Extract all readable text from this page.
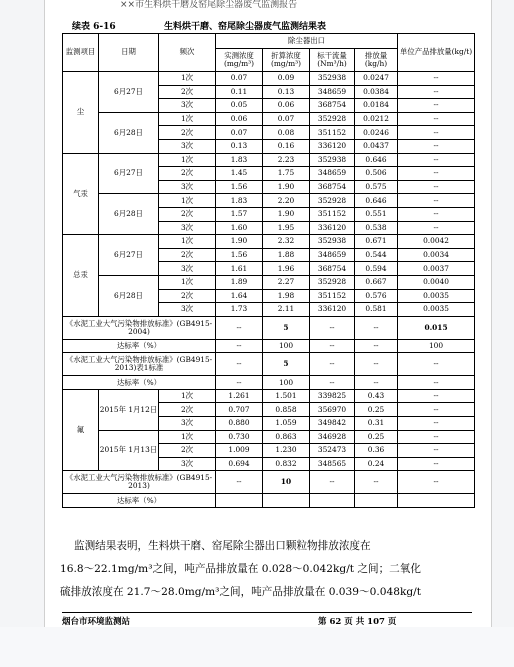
××市生料烘干磨及窑尾除尘器废气监测报告
续表 6-16	生料烘干磨、窑尾除尘器废气监测结果表
监测项目	日期	频次	除尘器出口				单位产品排放量(kg/t)
			实测浓度(mg/m³)	折算浓度(mg/m³)	标干流量(Nm³/h)	排放量(kg/h)	
尘	6月27日	1次	0.07	0.09	352938	0.0247	--
		2次	0.11	0.13	348659	0.0384	--
		3次	0.05	0.06	368754	0.0184	--
	6月28日	1次	0.06	0.07	352928	0.0212	--
		2次	0.07	0.08	351152	0.0246	--
		3次	0.13	0.16	336120	0.0437	--
气汞	6月27日	1次	1.83	2.23	352938	0.646	--
		2次	1.45	1.75	348659	0.506	--
		3次	1.56	1.90	368754	0.575	--
	6月28日	1次	1.83	2.20	352928	0.646	--
		2次	1.57	1.90	351152	0.551	--
		3次	1.60	1.95	336120	0.538	--
总汞	6月27日	1次	1.90	2.32	352938	0.671	0.0042
		2次	1.56	1.88	348659	0.544	0.0034
		3次	1.61	1.96	368754	0.594	0.0037
	6月28日	1次	1.89	2.27	352928	0.667	0.0040
		2次	1.64	1.98	351152	0.576	0.0035
		3次	1.73	2.11	336120	0.581	0.0035
《水泥工业大气污染物排放标准》(GB4915-2004)			--	5	--	--	0.015
达标率（%）			--	100	--	--	100
《水泥工业大气污染物排放标准》(GB4915-2013)表1标准			--	5	--	--	--
达标率（%）			--	100	--	--	--
氟	2015年 1月12日	1次	1.261	1.501	339825	0.43	--
		2次	0.707	0.858	356970	0.25	--
		3次	0.880	1.059	349842	0.31	--
	2015年 1月13日	1次	0.730	0.863	346928	0.25	--
		2次	1.009	1.230	352473	0.36	--
		3次	0.694	0.832	348565	0.24	--
《水泥工业大气污染物排放标准》(GB4915-2013)			--	10	--	--	--
达标率（%）							
监测结果表明，生料烘干磨、窑尾除尘器出口颗粒物排放浓度在
16.8～22.1mg/m³之间，吨产品排放量在 0.028～0.042kg/t 之间；二氧化
硫排放浓度在 21.7～28.0mg/m³之间，吨产品排放量在 0.039～0.048kg/t
烟台市环境监测站	第 62 页 共 107 页
